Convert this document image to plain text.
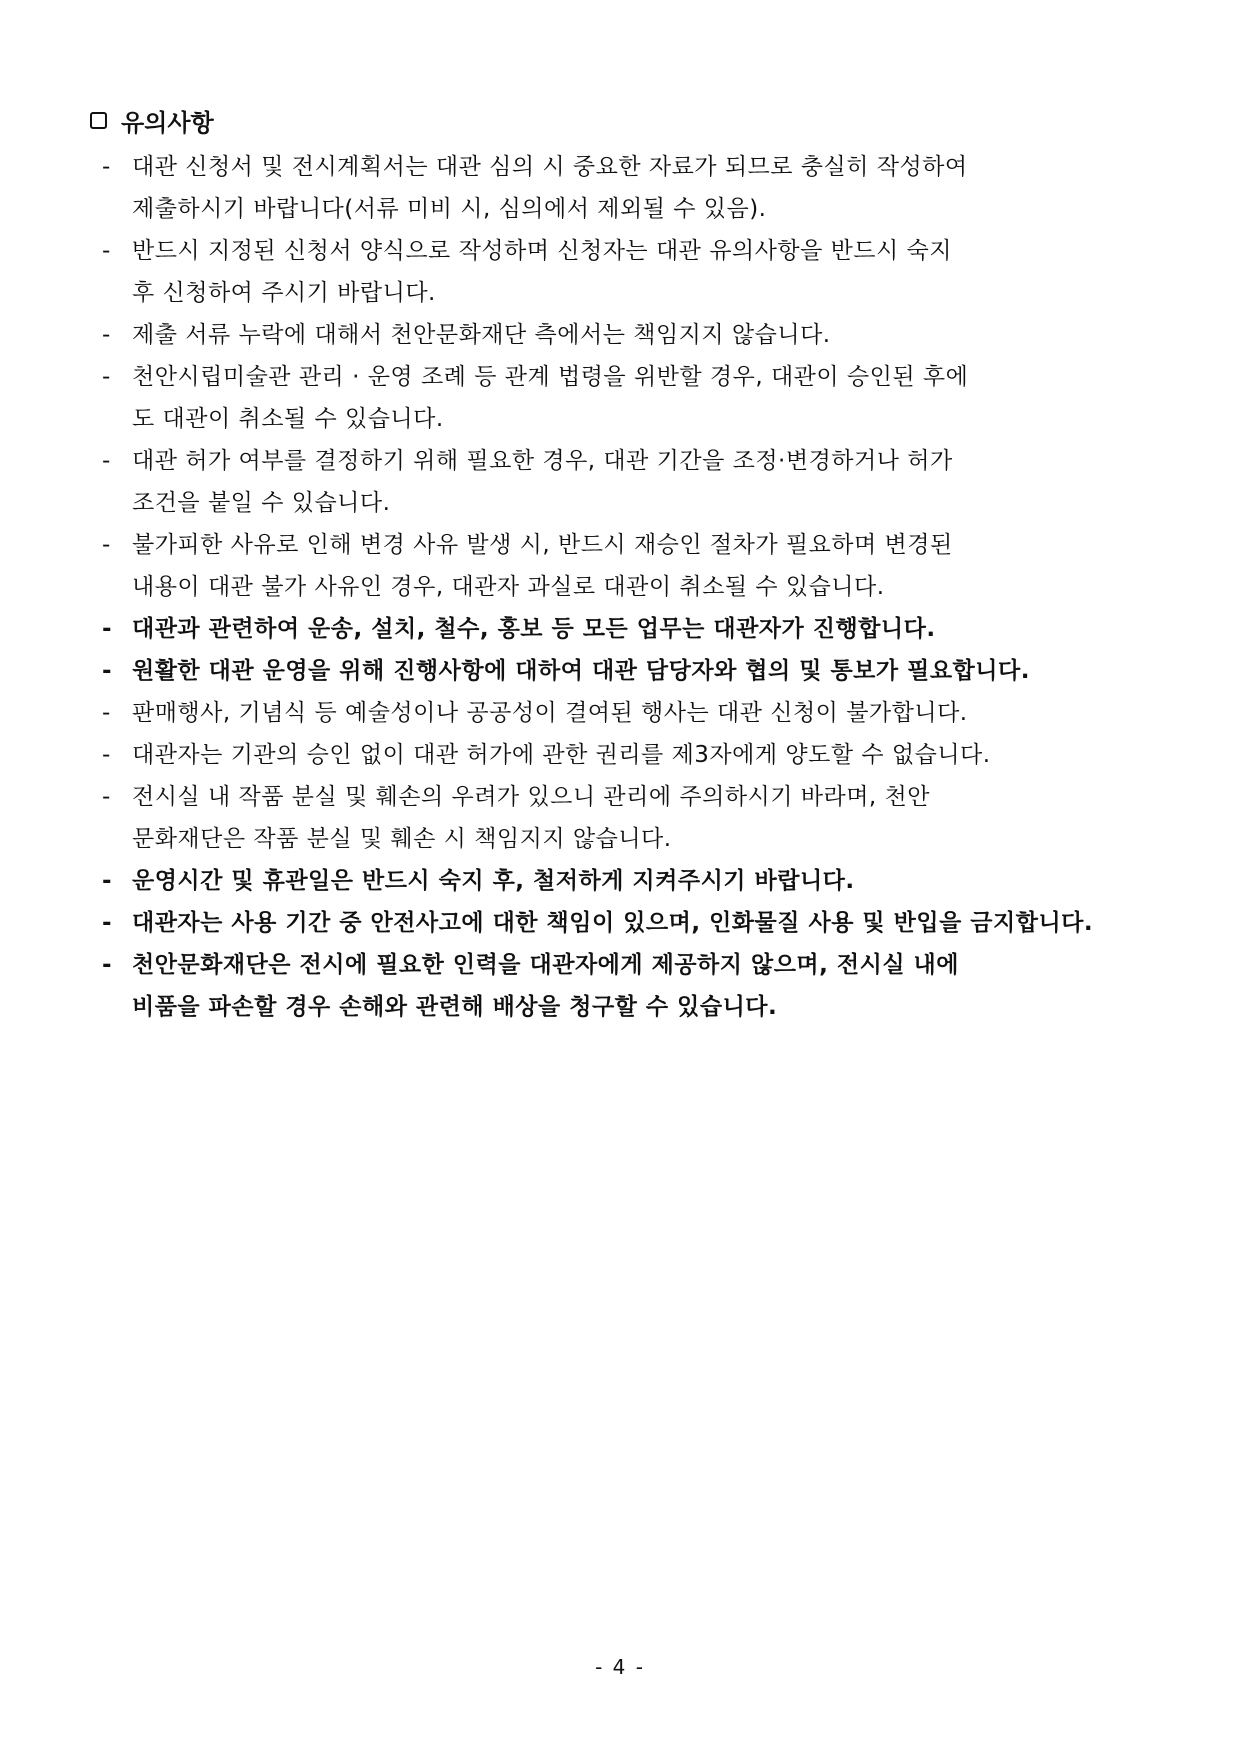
유의사항
- 대관 신청서 및 전시계획서는 대관 심의 시 중요한 자료가 되므로 충실히 작성하여
제출하시기 바랍니다(서류 미비 시, 심의에서 제외될 수 있음).
- 반드시 지정된 신청서 양식으로 작성하며 신청자는 대관 유의사항을 반드시 숙지
후 신청하여 주시기 바랍니다.
- 제출 서류 누락에 대해서 천안문화재단 측에서는 책임지지 않습니다.
- 천안시립미술관 관리 · 운영 조례 등 관계 법령을 위반할 경우, 대관이 승인된 후에
도 대관이 취소될 수 있습니다.
- 대관 허가 여부를 결정하기 위해 필요한 경우, 대관 기간을 조정·변경하거나 허가
조건을 붙일 수 있습니다.
- 불가피한 사유로 인해 변경 사유 발생 시, 반드시 재승인 절차가 필요하며 변경된
내용이 대관 불가 사유인 경우, 대관자 과실로 대관이 취소될 수 있습니다.
- 대관과 관련하여 운송, 설치, 철수, 홍보 등 모든 업무는 대관자가 진행합니다.
- 원활한 대관 운영을 위해 진행사항에 대하여 대관 담당자와 협의 및 통보가 필요합니다.
- 판매행사, 기념식 등 예술성이나 공공성이 결여된 행사는 대관 신청이 불가합니다.
- 대관자는 기관의 승인 없이 대관 허가에 관한 권리를 제3자에게 양도할 수 없습니다.
- 전시실 내 작품 분실 및 훼손의 우려가 있으니 관리에 주의하시기 바라며, 천안
문화재단은 작품 분실 및 훼손 시 책임지지 않습니다.
- 운영시간 및 휴관일은 반드시 숙지 후, 철저하게 지켜주시기 바랍니다.
- 대관자는 사용 기간 중 안전사고에 대한 책임이 있으며, 인화물질 사용 및 반입을 금지합니다.
- 천안문화재단은 전시에 필요한 인력을 대관자에게 제공하지 않으며, 전시실 내에
비품을 파손할 경우 손해와 관련해 배상을 청구할 수 있습니다.
- 4 -
